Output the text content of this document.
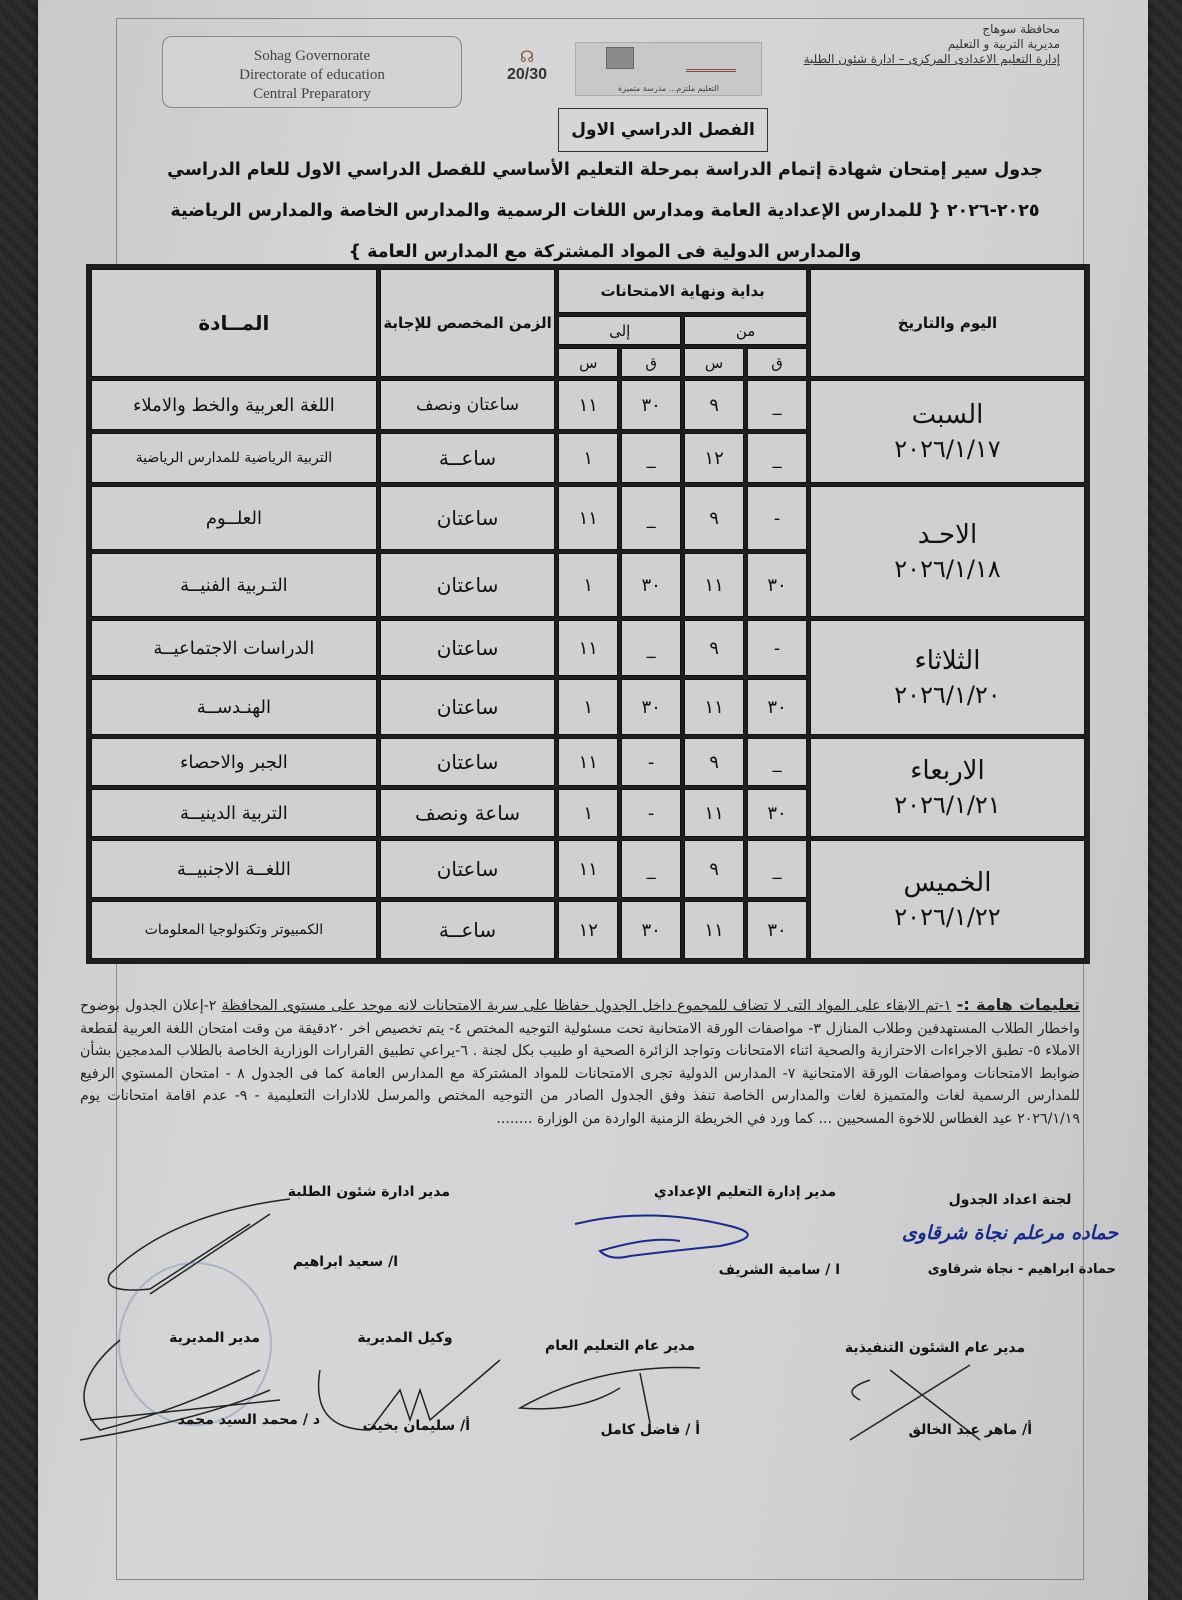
محافظة سوهاج
مديرية التربية و التعليم
إدارة التعليم الاعدادى المركزى – ادارة شئون الطلبة
Sohag Governorate
Directorate of education
Central Preparatory
☊
20/30
التعليم ملتزم... مدرسة متميزة
الفصل الدراسي الاول
جدول سير إمتحان شهادة إتمام الدراسة بمرحلة التعليم الأساسي للفصل الدراسي الاول للعام الدراسي ٢٠٢٥-٢٠٢٦ { للمدارس الإعدادية العامة ومدارس اللغات الرسمية والمدارس الخاصة والمدارس الرياضية والمدارس الدولية فى المواد المشتركة مع المدارس العامة }
اليوم والتاريخ	بداية ونهاية الامتحانات				الزمن المخصص للإجابة	المــادة
	من		إلى			
	ق	س	ق	س		

السبت
٢٠٢٦/١/١٧	_	٩	٣٠	١١	ساعتان ونصف	اللغة العربية والخط والاملاء
	_	١٢	_	١	ساعــة	التربية الرياضية للمدارس الرياضية

الاحـد
٢٠٢٦/١/١٨	-	٩	_	١١	ساعتان	العلــوم
	٣٠	١١	٣٠	١	ساعتان	التـربية الفنيــة

الثلاثاء
٢٠٢٦/١/٢٠	-	٩	_	١١	ساعتان	الدراسات الاجتماعيــة
	٣٠	١١	٣٠	١	ساعتان	الهنـدســة

الاربعاء
٢٠٢٦/١/٢١	_	٩	-	١١	ساعتان	الجبر والاحصاء
	٣٠	١١	-	١	ساعة ونصف	التربية الدينيــة

الخميس
٢٠٢٦/١/٢٢	_	٩	_	١١	ساعتان	اللغــة الاجنبيــة
	٣٠	١١	٣٠	١٢	ساعــة	الكمبيوتر وتكنولوجيا المعلومات
تعليمات هامة :- ١-تم الابقاء على المواد التى لا تضاف للمجموع داخل الجدول حفاظا على سرية الامتحانات لانه موحد على مستوى المحافظة ٢-إعلان الجدول بوضوح واخطار الطلاب المستهدفين وطلاب المنازل ٣- مواصفات الورقة الامتحانية تحت مسئولية التوجيه المختص ٤- يتم تخصيص اخر ٢٠دقيقة من وقت امتحان اللغة العربية لقطعة الاملاء ٥- تطبق الاجراءات الاحترازية والصحية اثناء الامتحانات وتواجد الزائرة الصحية او طبيب بكل لجنة . ٦-يراعي تطبيق القرارات الوزارية الخاصة بالطلاب المدمجين بشأن ضوابط الامتحانات ومواصفات الورقة الامتحانية ٧- المدارس الدولية تجرى الامتحانات للمواد المشتركة مع المدارس العامة كما فى الجدول ٨ - امتحان المستوي الرفيع للمدارس الرسمية لغات والمتميزة لغات والمدارس الخاصة تنفذ وفق الجدول الصادر من التوجيه المختص والمرسل للادارات التعليمية - ٩- عدم اقامة امتحانات يوم ٢٠٢٦/١/١٩ عيد الغطاس للاخوة المسحيين ... كما ورد في الخريطة الزمنية الواردة من الوزارة ........
لجنة اعداد الجدول
حماده مرعلم نجاة شرقاوى
حمادة ابراهيم - نجاة شرقاوى
مدير إدارة التعليم الإعدادي
ا / سامية الشريف
مدير ادارة شئون الطلبة
ا/ سعيد ابراهيم
مدير عام الشئون التنفيذية
أ/ ماهر عبد الخالق
مدير عام التعليم العام
أ / فاضل كامل
وكيل المديرية
أ/ سليمان بخيت
مدير المديرية
د / محمد السيد محمد
